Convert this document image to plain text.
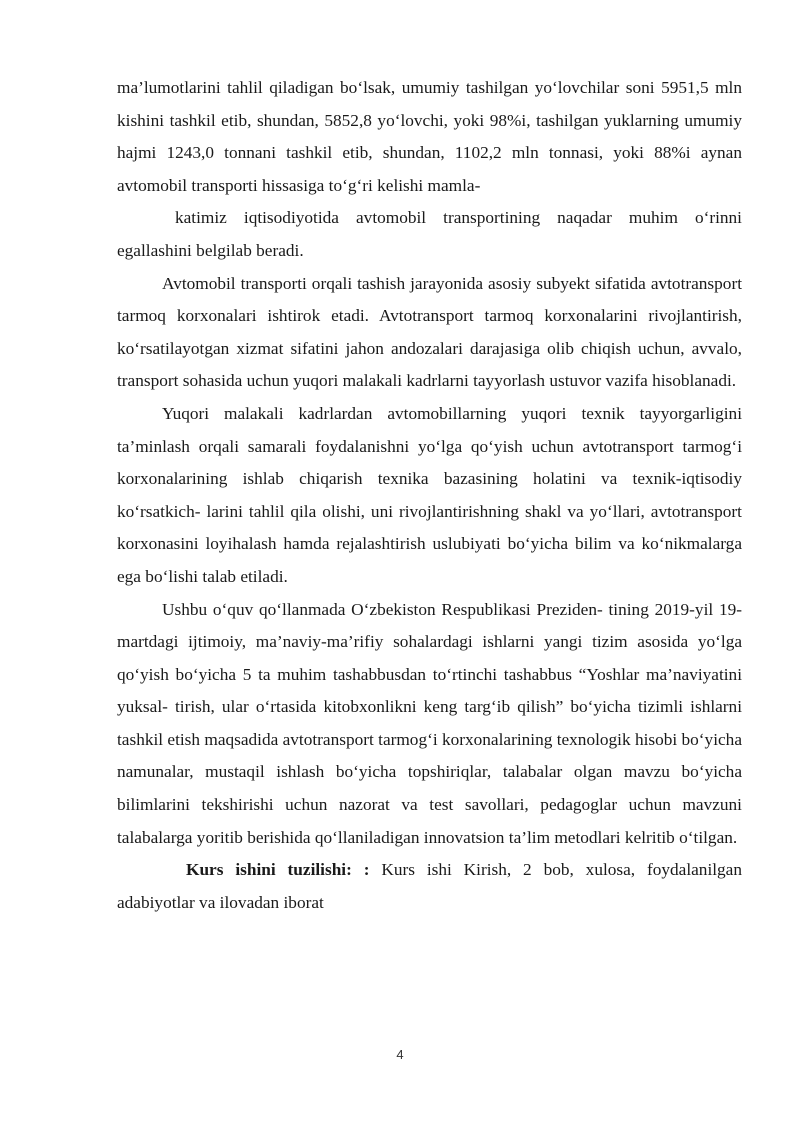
ma’lumotlarini tahlil qiladigan bo‘lsak, umumiy tashilgan yo‘lovchilar soni 5951,5 mln kishini tashkil etib, shundan, 5852,8 yo‘lovchi, yoki 98%i, tashilgan yuklarning umumiy hajmi 1243,0 tonnani tashkil etib, shundan, 1102,2 mln tonnasi, yoki 88%i aynan avtomobil transporti hissasiga to‘g‘ri kelishi mamla-

katimiz iqtisodiyotida avtomobil transportining naqadar muhim o‘rinni egallashini belgilab beradi.

Avtomobil transporti orqali tashish jarayonida asosiy subyekt sifatida avtotransport tarmoq korxonalari ishtirok etadi. Avtotransport tarmoq korxonalarini rivojlantirish, ko‘rsatilayotgan xizmat sifatini jahon andozalari darajasiga olib chiqish uchun, avvalo, transport sohasida uchun yuqori malakali kadrlarni tayyorlash ustuvor vazifa hisoblanadi.

Yuqori malakali kadrlardan avtomobillarning yuqori texnik tayyorgarligini ta’minlash orqali samarali foydalanishni yo‘lga qo‘yish uchun avtotransport tarmog‘i korxonalarining ishlab chiqarish texnika bazasining holatini va texnik-iqtisodiy ko‘rsatkich- larini tahlil qila olishi, uni rivojlantirishning shakl va yo‘llari, avtotransport korxonasini loyihalash hamda rejalashtirish uslubiyati bo‘yicha bilim va ko‘nikmalarga ega bo‘lishi talab etiladi.

Ushbu o‘quv qo‘llanmada O‘zbekiston Respublikasi Preziden- tining 2019-yil 19-martdagi ijtimoiy, ma’naviy-ma’rifiy sohalardagi ishlarni yangi tizim asosida yo‘lga qo‘yish bo‘yicha 5 ta muhim tashabbusdan to‘rtinchi tashabbus “Yoshlar ma’naviyatini yuksal- tirish, ular o‘rtasida kitobxonlikni keng targ‘ib qilish” bo‘yicha tizimli ishlarni tashkil etish maqsadida avtotransport tarmog‘i korxonalarining texnologik hisobi bo‘yicha namunalar, mustaqil ishlash bo‘yicha topshiriqlar, talabalar olgan mavzu bo‘yicha bilimlarini tekshirishi uchun nazorat va test savollari, pedagoglar uchun mavzuni talabalarga yoritib berishida qo‘llaniladigan innovatsion ta’lim metodlari kelritib o‘tilgan.

Kurs ishini tuzilishi: : Kurs ishi Kirish, 2 bob, xulosa, foydalanilgan adabiyotlar va ilovadan iborat

4
